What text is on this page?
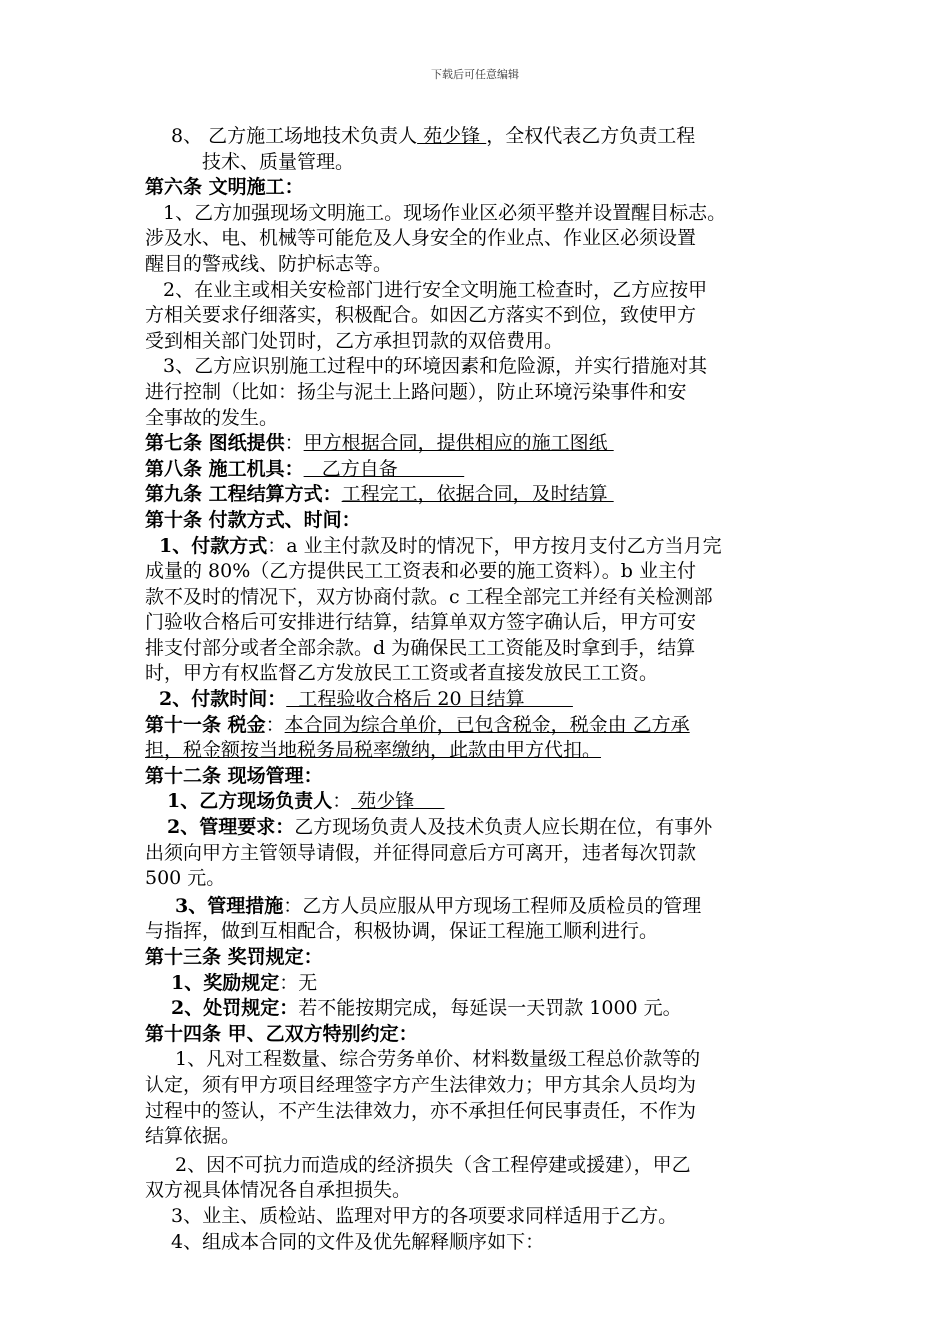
下载后可任意编辑
8、 乙方施工场地技术负责人 苑少锋 ，全权代表乙方负责工程
技术、质量管理。
第六条 文明施工：
1、乙方加强现场文明施工。现场作业区必须平整并设置醒目标志。
涉及水、电、机械等可能危及人身安全的作业点、作业区必须设置
醒目的警戒线、防护标志等。
2、在业主或相关安检部门进行安全文明施工检查时，乙方应按甲
方相关要求仔细落实，积极配合。如因乙方落实不到位，致使甲方
受到相关部门处罚时，乙方承担罚款的双倍费用。
3、乙方应识别施工过程中的环境因素和危险源，并实行措施对其
进行控制（比如：扬尘与泥土上路问题），防止环境污染事件和安
全事故的发生。
第七条 图纸提供：甲方根据合同，提供相应的施工图纸
第八条 施工机具：   乙方自备
第九条 工程结算方式：工程完工，依据合同，及时结算
第十条 付款方式、时间：
1、付款方式：a 业主付款及时的情况下，甲方按月支付乙方当月完
成量的 80%（乙方提供民工工资表和必要的施工资料）。b 业主付
款不及时的情况下，双方协商付款。c 工程全部完工并经有关检测部
门验收合格后可安排进行结算，结算单双方签字确认后，甲方可安
排支付部分或者全部余款。d 为确保民工工资能及时拿到手，结算
时，甲方有权监督乙方发放民工工资或者直接发放民工工资。
2、付款时间：  工程验收合格后 20 日结算
第十一条 税金：本合同为综合单价，已包含税金，税金由 乙方承
担，税金额按当地税务局税率缴纳，此款由甲方代扣。
第十二条 现场管理：
1、乙方现场负责人： 苑少锋
2、管理要求：乙方现场负责人及技术负责人应长期在位，有事外
出须向甲方主管领导请假，并征得同意后方可离开，违者每次罚款
500 元。
3、管理措施：乙方人员应服从甲方现场工程师及质检员的管理
与指挥，做到互相配合，积极协调，保证工程施工顺利进行。
第十三条 奖罚规定：
1、奖励规定：无
2、处罚规定：若不能按期完成，每延误一天罚款 1000 元。
第十四条 甲、乙双方特别约定：
1、凡对工程数量、综合劳务单价、材料数量级工程总价款等的
认定，须有甲方项目经理签字方产生法律效力；甲方其余人员均为
过程中的签认，不产生法律效力，亦不承担任何民事责任，不作为
结算依据。
2、因不可抗力而造成的经济损失（含工程停建或援建），甲乙
双方视具体情况各自承担损失。
3、业主、质检站、监理对甲方的各项要求同样适用于乙方。
4、组成本合同的文件及优先解释顺序如下：
